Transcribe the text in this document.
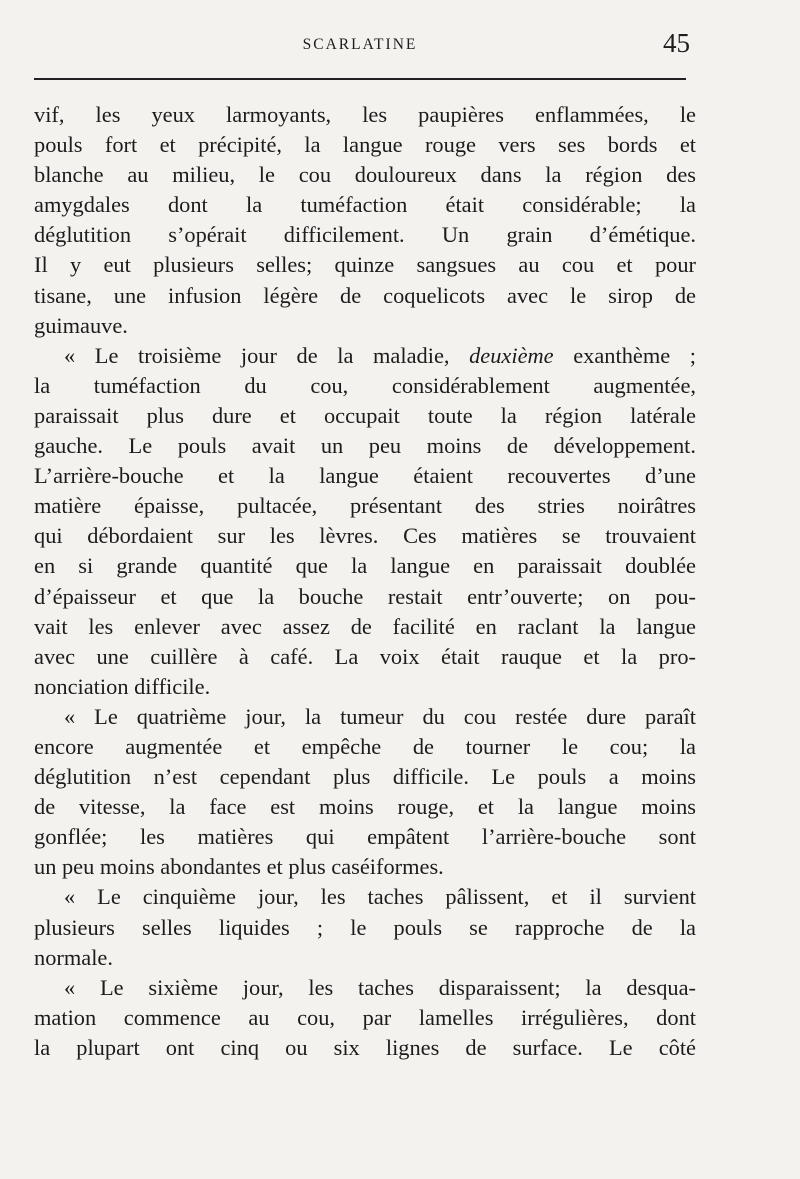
SCARLATINE	45
vif, les yeux larmoyants, les paupières enflammées, le
pouls fort et précipité, la langue rouge vers ses bords et
blanche au milieu, le cou douloureux dans la région des
amygdales dont la tuméfaction était considérable; la
déglutition s’opérait difficilement. Un grain d’émétique.
Il y eut plusieurs selles; quinze sangsues au cou et pour
tisane, une infusion légère de coquelicots avec le sirop de
guimauve.
« Le troisième jour de la maladie, deuxième exanthème ;
la tuméfaction du cou, considérablement augmentée,
paraissait plus dure et occupait toute la région latérale
gauche. Le pouls avait un peu moins de développement.
L’arrière-bouche et la langue étaient recouvertes d’une
matière épaisse, pultacée, présentant des stries noirâtres
qui débordaient sur les lèvres. Ces matières se trouvaient
en si grande quantité que la langue en paraissait doublée
d’épaisseur et que la bouche restait entr’ouverte; on pou-
vait les enlever avec assez de facilité en raclant la langue
avec une cuillère à café. La voix était rauque et la pro-
nonciation difficile.
« Le quatrième jour, la tumeur du cou restée dure paraît
encore augmentée et empêche de tourner le cou; la
déglutition n’est cependant plus difficile. Le pouls a moins
de vitesse, la face est moins rouge, et la langue moins
gonflée; les matières qui empâtent l’arrière-bouche sont
un peu moins abondantes et plus caséiformes.
« Le cinquième jour, les taches pâlissent, et il survient
plusieurs selles liquides ; le pouls se rapproche de la
normale.
« Le sixième jour, les taches disparaissent; la desqua-
mation commence au cou, par lamelles irrégulières, dont
la plupart ont cinq ou six lignes de surface. Le côté
